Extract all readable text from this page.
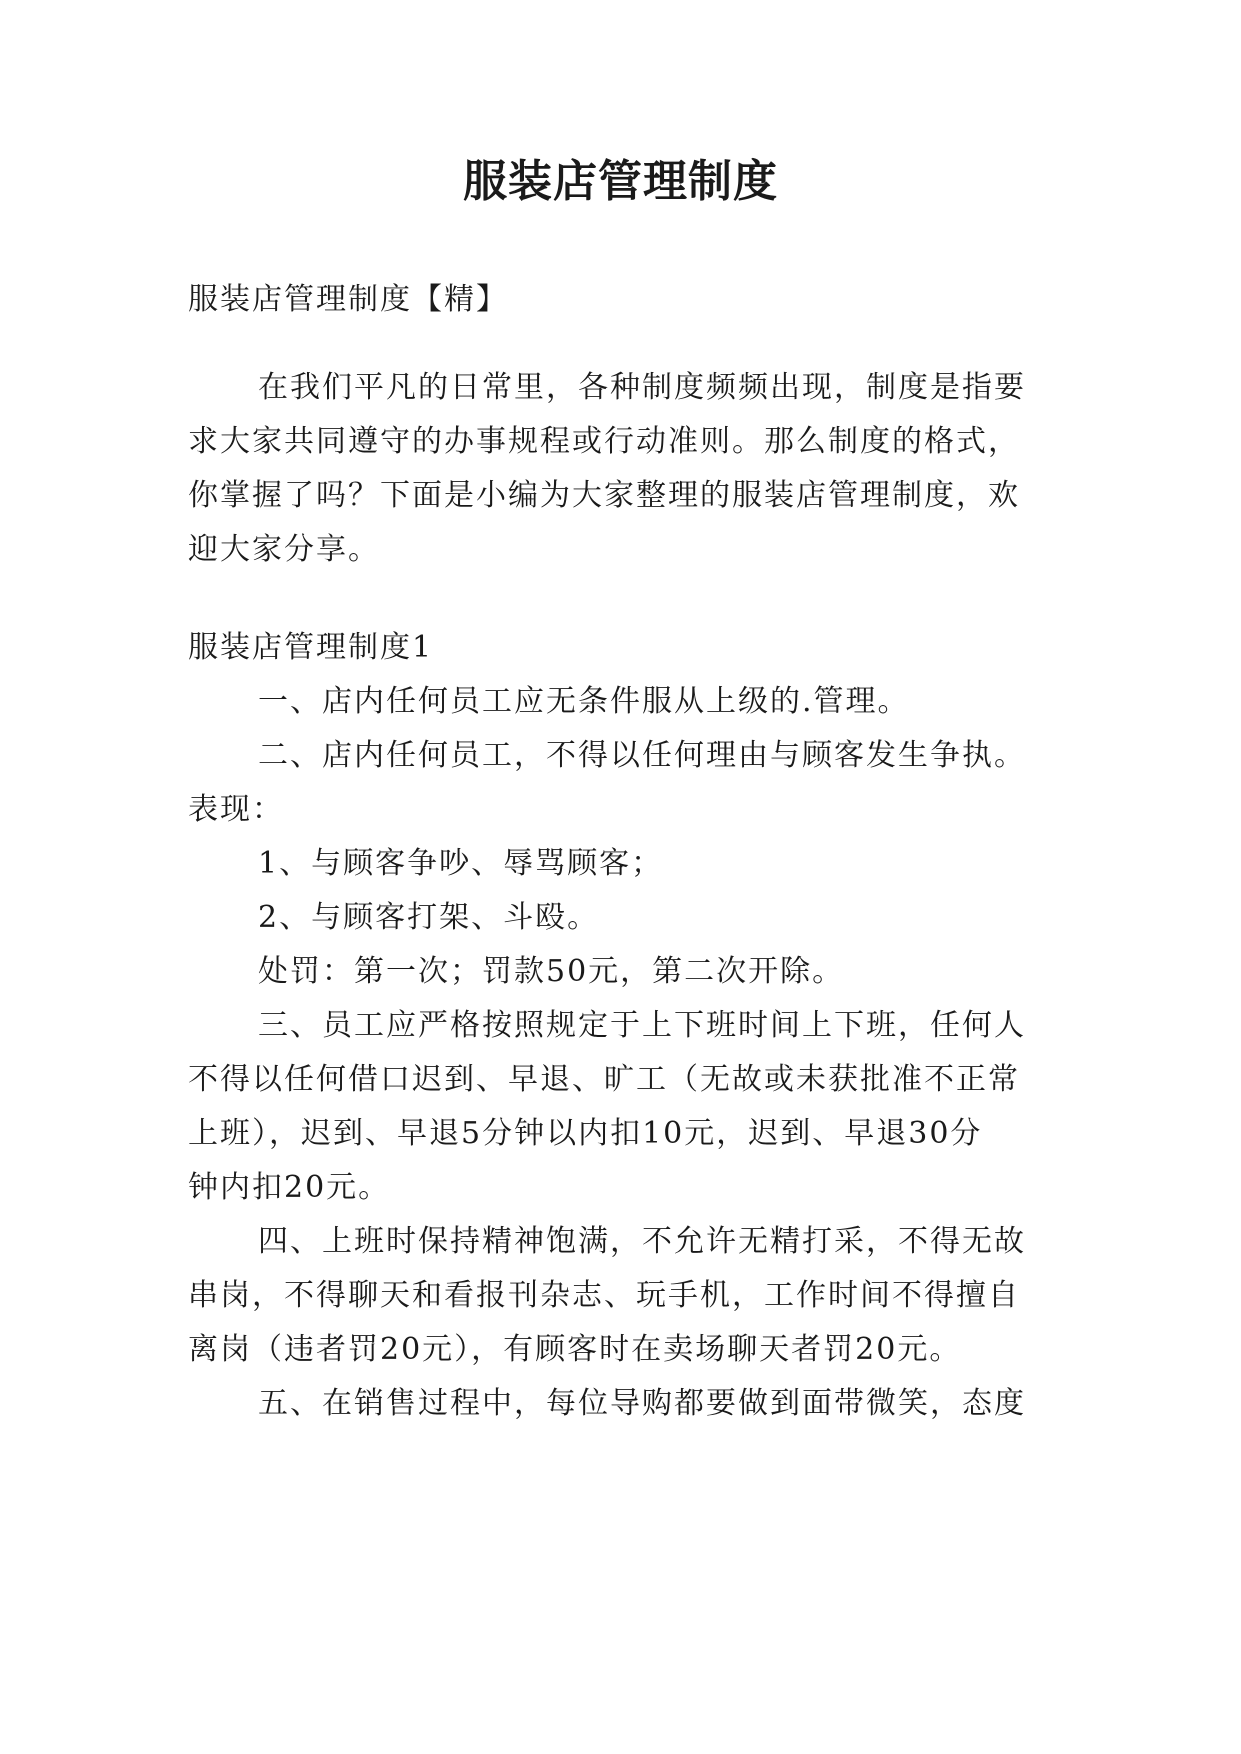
服装店管理制度

服装店管理制度【精】

在我们平凡的日常里，各种制度频频出现，制度是指要

求大家共同遵守的办事规程或行动准则。那么制度的格式，

你掌握了吗？下面是小编为大家整理的服装店管理制度，欢

迎大家分享。

服装店管理制度1

一、店内任何员工应无条件服从上级的.管理。

二、店内任何员工，不得以任何理由与顾客发生争执。

表现：

1、与顾客争吵、辱骂顾客；

2、与顾客打架、斗殴。

处罚：第一次；罚款50元，第二次开除。

三、员工应严格按照规定于上下班时间上下班，任何人

不得以任何借口迟到、早退、旷工（无故或未获批准不正常

上班），迟到、早退5分钟以内扣10元，迟到、早退30分

钟内扣20元。

四、上班时保持精神饱满，不允许无精打采，不得无故

串岗，不得聊天和看报刊杂志、玩手机，工作时间不得擅自

离岗（违者罚20元），有顾客时在卖场聊天者罚20元。

五、在销售过程中，每位导购都要做到面带微笑，态度
